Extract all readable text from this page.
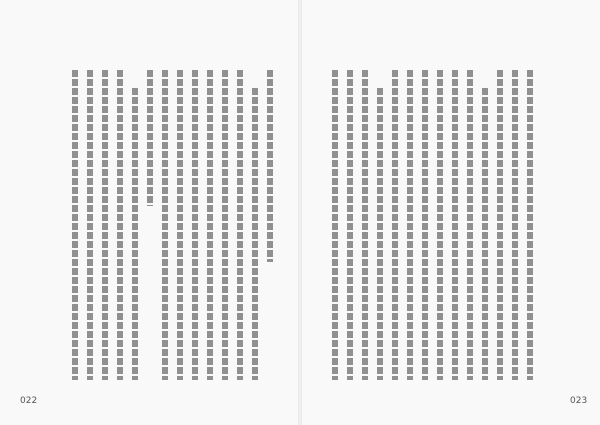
022	023
